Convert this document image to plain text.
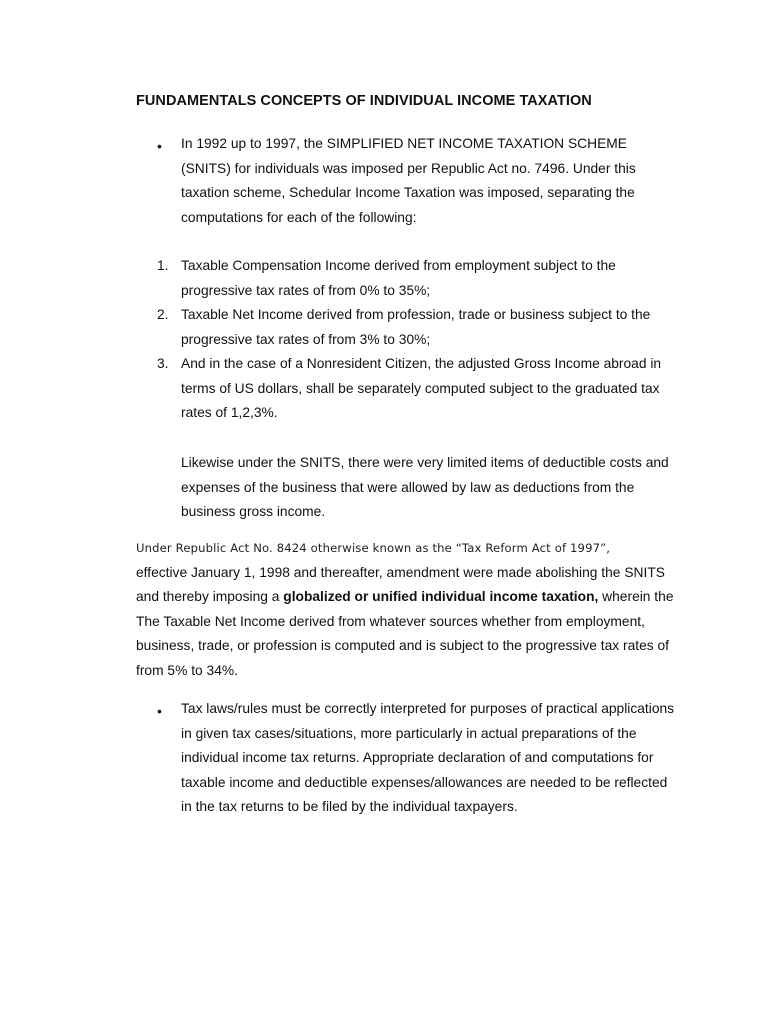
FUNDAMENTALS CONCEPTS OF INDIVIDUAL INCOME TAXATION
• In 1992 up to 1997, the SIMPLIFIED NET INCOME TAXATION SCHEME
(SNITS) for individuals was imposed per Republic Act no. 7496. Under this
taxation scheme, Schedular Income Taxation was imposed, separating the
computations for each of the following:
1. Taxable Compensation Income derived from employment subject to the
progressive tax rates of from 0% to 35%;
2. Taxable Net Income derived from profession, trade or business subject to the
progressive tax rates of from 3% to 30%;
3. And in the case of a Nonresident Citizen, the adjusted Gross Income abroad in
terms of US dollars, shall be separately computed subject to the graduated tax
rates of 1,2,3%.
Likewise under the SNITS, there were very limited items of deductible costs and
expenses of the business that were allowed by law as deductions from the
business gross income.
Under Republic Act No. 8424 otherwise known as the “Tax Reform Act of 1997”,
effective January 1, 1998 and thereafter, amendment were made abolishing the SNITS
and thereby imposing a globalized or unified individual income taxation, wherein the
The Taxable Net Income derived from whatever sources whether from employment,
business, trade, or profession is computed and is subject to the progressive tax rates of
from 5% to 34%.
• Tax laws/rules must be correctly interpreted for purposes of practical applications
in given tax cases/situations, more particularly in actual preparations of the
individual income tax returns. Appropriate declaration of and computations for
taxable income and deductible expenses/allowances are needed to be reflected
in the tax returns to be filed by the individual taxpayers.
